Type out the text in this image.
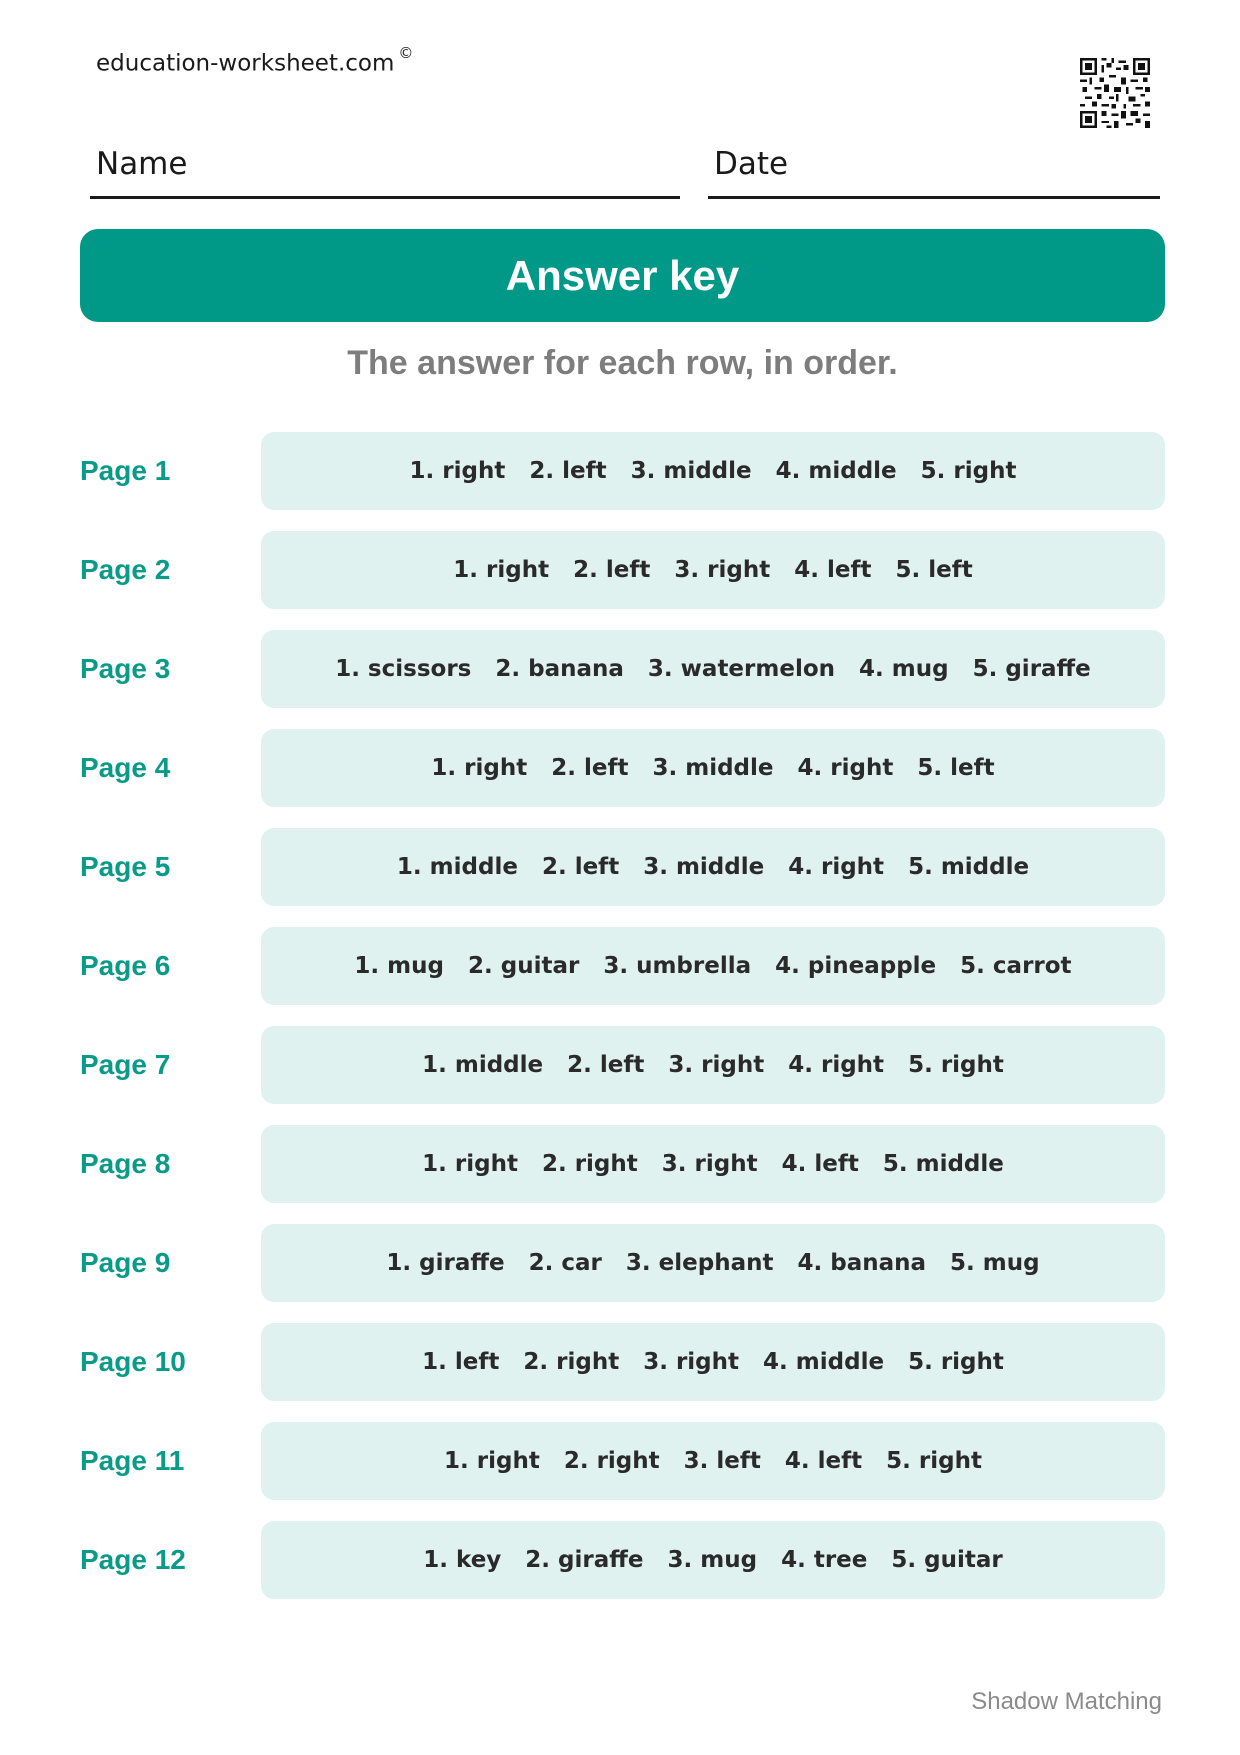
education-worksheet.com ©
Name	Date
Answer key
The answer for each row, in order.
Page 1	1. right   2. left   3. middle   4. middle   5. right
Page 2	1. right   2. left   3. right   4. left   5. left
Page 3	1. scissors   2. banana   3. watermelon   4. mug   5. giraffe
Page 4	1. right   2. left   3. middle   4. right   5. left
Page 5	1. middle   2. left   3. middle   4. right   5. middle
Page 6	1. mug   2. guitar   3. umbrella   4. pineapple   5. carrot
Page 7	1. middle   2. left   3. right   4. right   5. right
Page 8	1. right   2. right   3. right   4. left   5. middle
Page 9	1. giraffe   2. car   3. elephant   4. banana   5. mug
Page 10	1. left   2. right   3. right   4. middle   5. right
Page 11	1. right   2. right   3. left   4. left   5. right
Page 12	1. key   2. giraffe   3. mug   4. tree   5. guitar
Shadow Matching
